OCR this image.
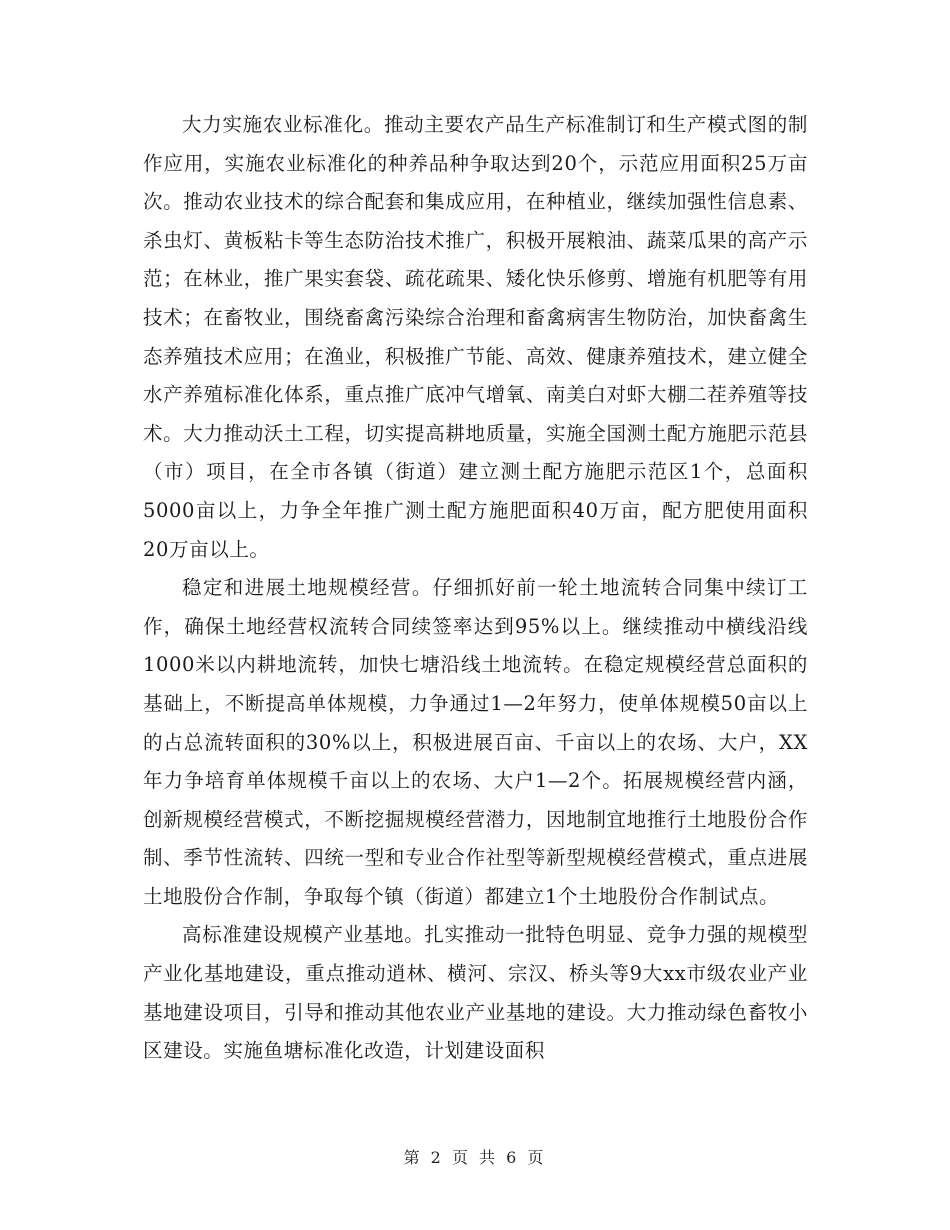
大力实施农业标准化。推动主要农产品生产标准制订和生产模式图的制作应用，实施农业标准化的种养品种争取达到20个，示范应用面积25万亩次。推动农业技术的综合配套和集成应用，在种植业，继续加强性信息素、杀虫灯、黄板粘卡等生态防治技术推广，积极开展粮油、蔬菜瓜果的高产示范；在林业，推广果实套袋、疏花疏果、矮化快乐修剪、增施有机肥等有用技术；在畜牧业，围绕畜禽污染综合治理和畜禽病害生物防治，加快畜禽生态养殖技术应用；在渔业，积极推广节能、高效、健康养殖技术，建立健全水产养殖标准化体系，重点推广底冲气增氧、南美白对虾大棚二茬养殖等技术。大力推动沃土工程，切实提高耕地质量，实施全国测土配方施肥示范县（市）项目，在全市各镇（街道）建立测土配方施肥示范区1个，总面积5000亩以上，力争全年推广测土配方施肥面积40万亩，配方肥使用面积20万亩以上。

稳定和进展土地规模经营。仔细抓好前一轮土地流转合同集中续订工作，确保土地经营权流转合同续签率达到95%以上。继续推动中横线沿线1000米以内耕地流转，加快七塘沿线土地流转。在稳定规模经营总面积的基础上，不断提高单体规模，力争通过1—2年努力，使单体规模50亩以上的占总流转面积的30%以上，积极进展百亩、千亩以上的农场、大户，XX年力争培育单体规模千亩以上的农场、大户1—2个。拓展规模经营内涵，创新规模经营模式，不断挖掘规模经营潜力，因地制宜地推行土地股份合作制、季节性流转、四统一型和专业合作社型等新型规模经营模式，重点进展土地股份合作制，争取每个镇（街道）都建立1个土地股份合作制试点。

高标准建设规模产业基地。扎实推动一批特色明显、竞争力强的规模型产业化基地建设，重点推动逍林、横河、宗汉、桥头等9大xx市级农业产业基地建设项目，引导和推动其他农业产业基地的建设。大力推动绿色畜牧小区建设。实施鱼塘标准化改造，计划建设面积

第 2 页 共 6 页
